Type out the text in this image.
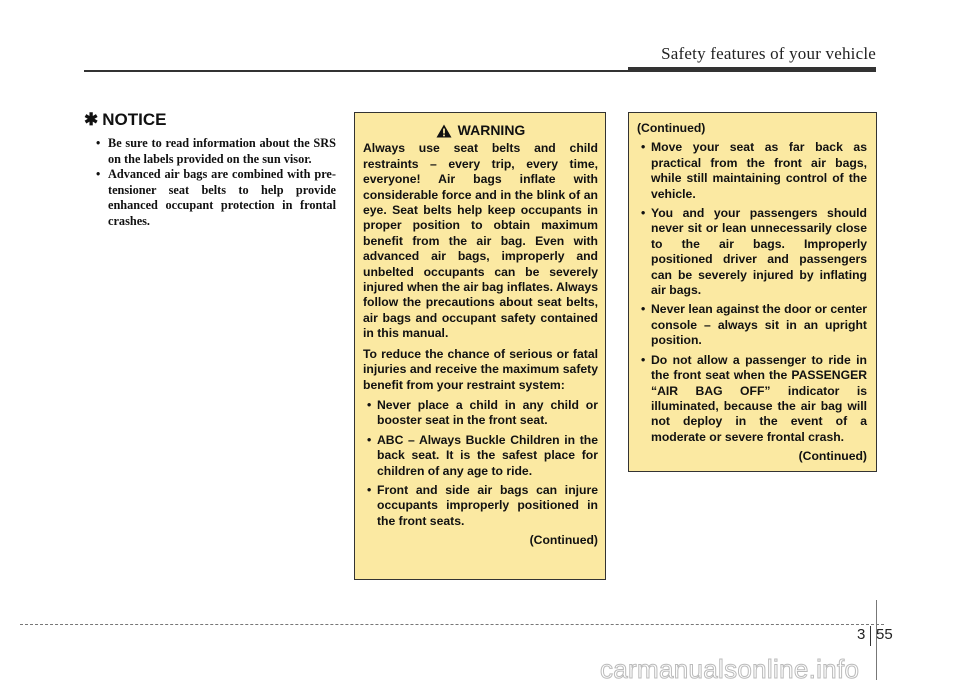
Safety features of your vehicle
✱ NOTICE
• Be sure to read information about the SRS on the labels provided on the sun visor.
• Advanced air bags are combined with pre-tensioner seat belts to help provide enhanced occupant protection in frontal crashes.
WARNING

Always use seat belts and child restraints – every trip, every time, everyone! Air bags inflate with considerable force and in the blink of an eye. Seat belts help keep occupants in proper position to obtain maximum benefit from the air bag. Even with advanced air bags, improperly and unbelted occupants can be severely injured when the air bag inflates. Always follow the precautions about seat belts, air bags and occupant safety contained in this manual.

To reduce the chance of serious or fatal injuries and receive the maximum safety benefit from your restraint system:

• Never place a child in any child or booster seat in the front seat.
• ABC – Always Buckle Children in the back seat. It is the safest place for children of any age to ride.
• Front and side air bags can injure occupants improperly positioned in the front seats.
(Continued)
(Continued)
• Move your seat as far back as practical from the front air bags, while still maintaining control of the vehicle.
• You and your passengers should never sit or lean unnecessarily close to the air bags. Improperly positioned driver and passengers can be severely injured by inflating air bags.
• Never lean against the door or center console – always sit in an upright position.
• Do not allow a passenger to ride in the front seat when the PASSENGER “AIR BAG OFF” indicator is illuminated, because the air bag will not deploy in the event of a moderate or severe frontal crash.
(Continued)
3 55
carmanualsonline.info
